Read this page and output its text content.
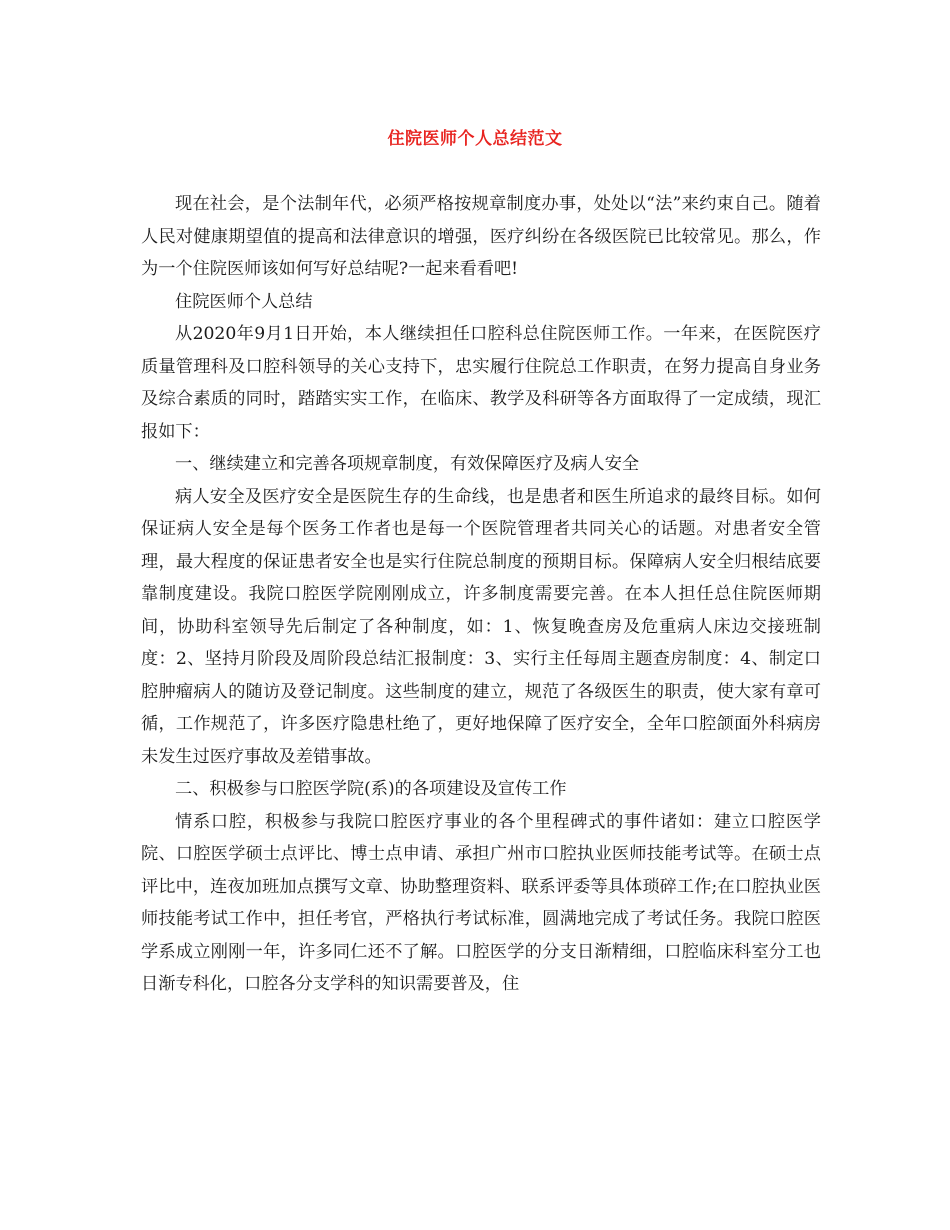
住院医师个人总结范文

现在社会，是个法制年代，必须严格按规章制度办事，处处以“法”来约束自己。随着人民对健康期望值的提高和法律意识的增强，医疗纠纷在各级医院已比较常见。那么，作为一个住院医师该如何写好总结呢?一起来看看吧!

住院医师个人总结

从2020年9月1日开始，本人继续担任口腔科总住院医师工作。一年来，在医院医疗质量管理科及口腔科领导的关心支持下，忠实履行住院总工作职责，在努力提高自身业务及综合素质的同时，踏踏实实工作，在临床、教学及科研等各方面取得了一定成绩，现汇报如下：

一、继续建立和完善各项规章制度，有效保障医疗及病人安全

病人安全及医疗安全是医院生存的生命线，也是患者和医生所追求的最终目标。如何保证病人安全是每个医务工作者也是每一个医院管理者共同关心的话题。对患者安全管理，最大程度的保证患者安全也是实行住院总制度的预期目标。保障病人安全归根结底要靠制度建设。我院口腔医学院刚刚成立，许多制度需要完善。在本人担任总住院医师期间，协助科室领导先后制定了各种制度，如：1、恢复晚查房及危重病人床边交接班制度：2、坚持月阶段及周阶段总结汇报制度：3、实行主任每周主题查房制度：4、制定口腔肿瘤病人的随访及登记制度。这些制度的建立，规范了各级医生的职责，使大家有章可循，工作规范了，许多医疗隐患杜绝了，更好地保障了医疗安全，全年口腔颌面外科病房未发生过医疗事故及差错事故。

二、积极参与口腔医学院(系)的各项建设及宣传工作

情系口腔，积极参与我院口腔医疗事业的各个里程碑式的事件诸如：建立口腔医学院、口腔医学硕士点评比、博士点申请、承担广州市口腔执业医师技能考试等。在硕士点评比中，连夜加班加点撰写文章、协助整理资料、联系评委等具体琐碎工作;在口腔执业医师技能考试工作中，担任考官，严格执行考试标准，圆满地完成了考试任务。我院口腔医学系成立刚刚一年，许多同仁还不了解。口腔医学的分支日渐精细，口腔临床科室分工也日渐专科化，口腔各分支学科的知识需要普及，住
